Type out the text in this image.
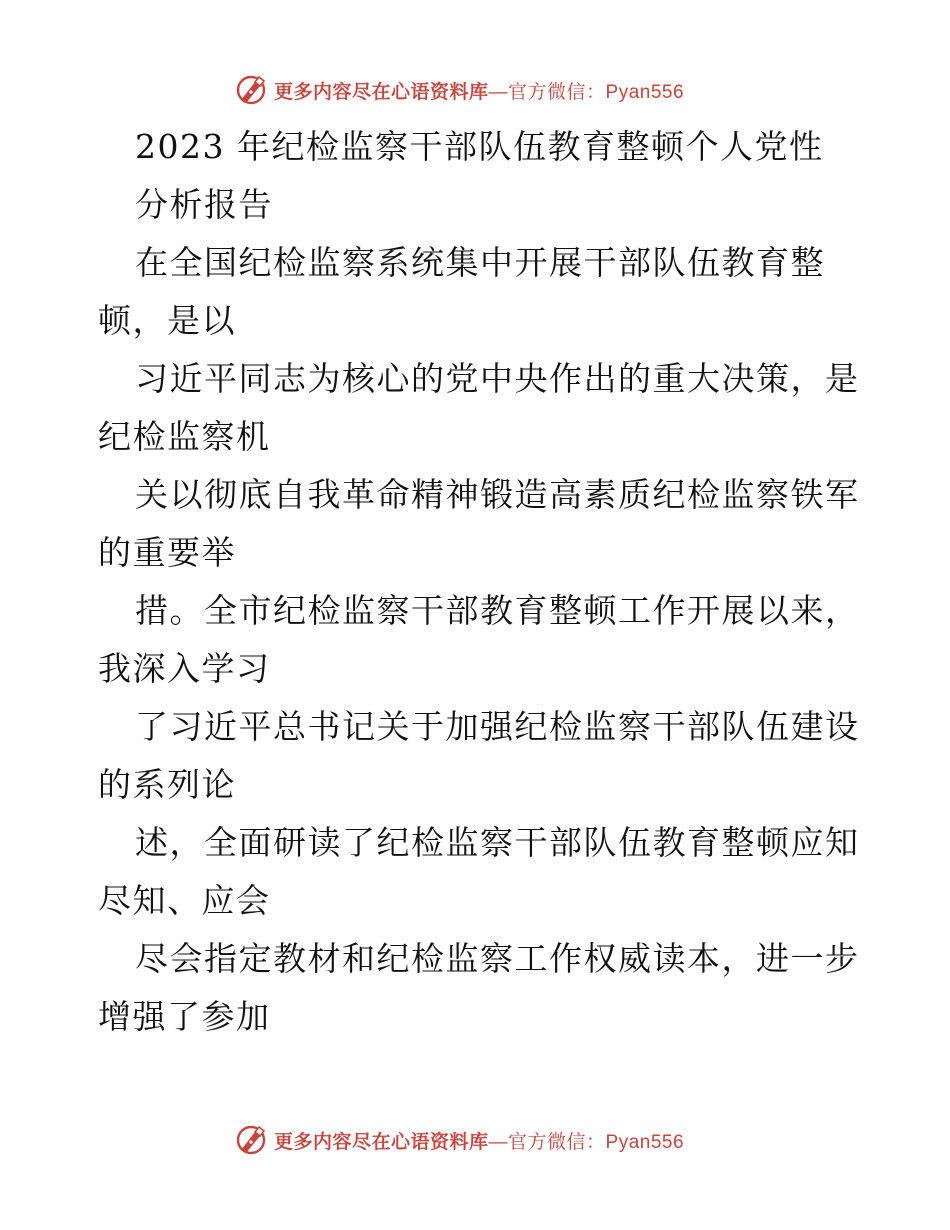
更多内容尽在心语资料库 —官方微信：Pyan556
2023 年纪检监察干部队伍教育整顿个人党性
分析报告
在全国纪检监察系统集中开展干部队伍教育整
顿，是以
习近平同志为核心的党中央作出的重大决策，是
纪检监察机
关以彻底自我革命精神锻造高素质纪检监察铁军
的重要举
措。全市纪检监察干部教育整顿工作开展以来，
我深入学习
了习近平总书记关于加强纪检监察干部队伍建设
的系列论
述，全面研读了纪检监察干部队伍教育整顿应知
尽知、应会
尽会指定教材和纪检监察工作权威读本，进一步
增强了参加
更多内容尽在心语资料库 —官方微信：Pyan556
